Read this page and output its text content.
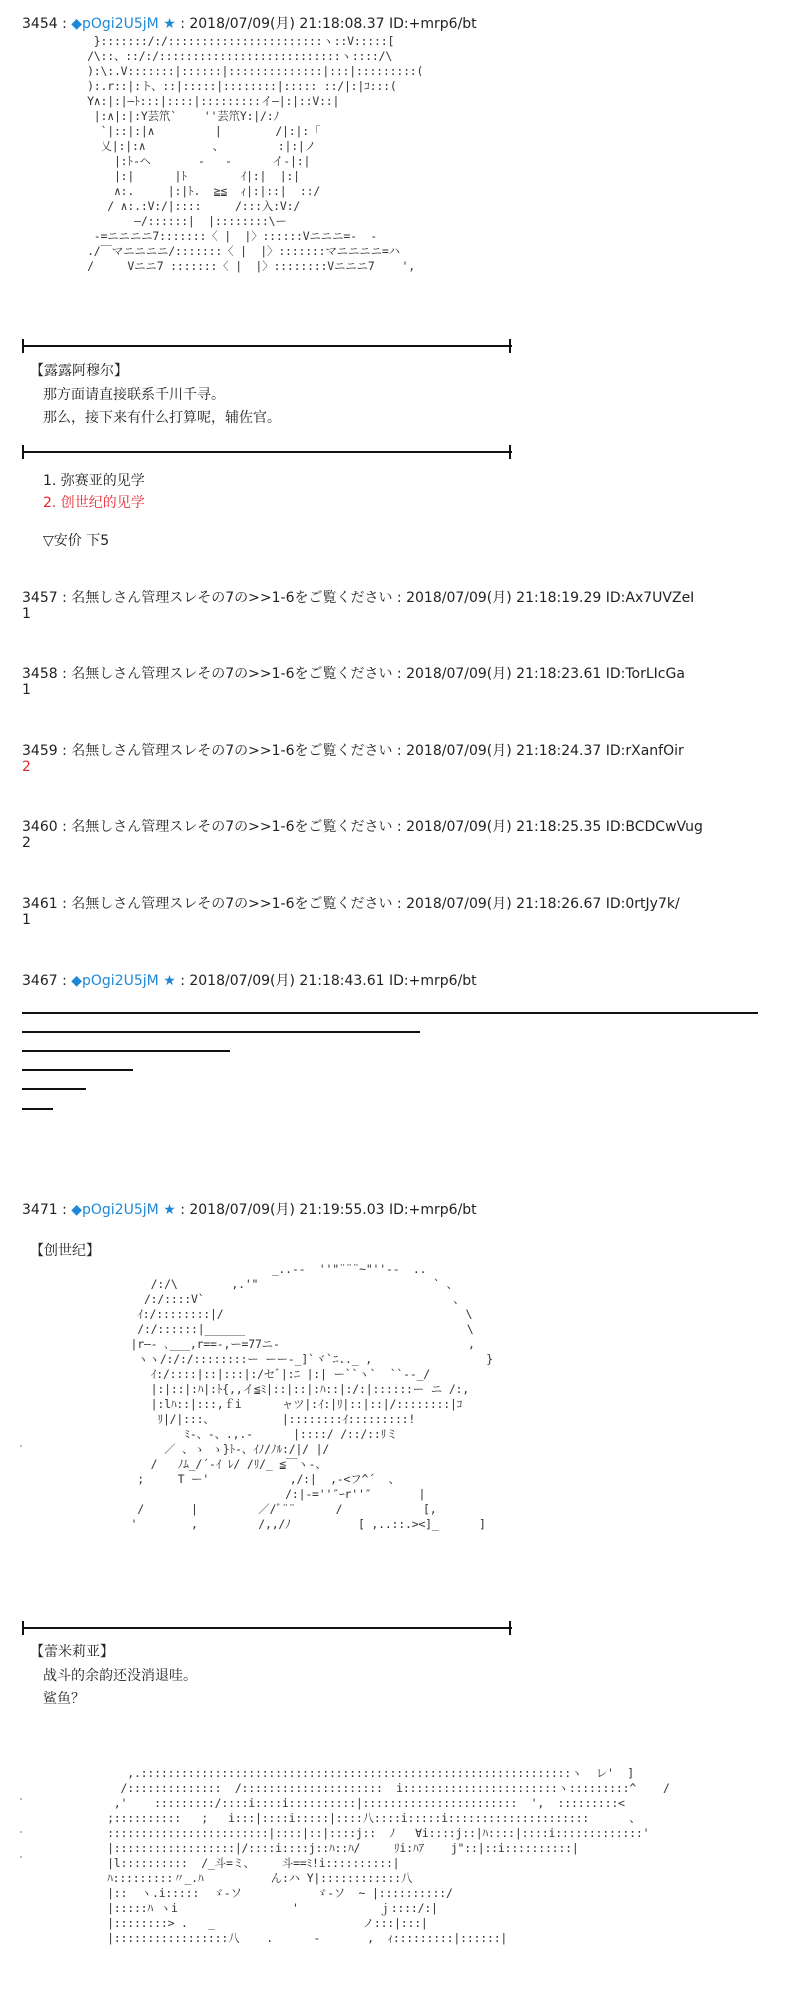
3454 : ◆pOgi2U5jM ★ : 2018/07/09(月) 21:18:08.37 ID:+mrp6/bt
}:::::::/:/:::::::::::::::::::::::ヽ::V:::::[
/\::、::/:/:::::::::::::::::::::::::::ヽ::::/\
):\:.V:::::::|::::::|::::::::::::::|:::|:::::::::(
):.r::|:ト、::|:::::|::::::::|::::: ::/|:|ｺ:::(
Y∧:|:|―ﾄ:::|::::|:::::::::イ―|:|::V::|
|:∧|:|:Y芸笊`    ''芸笊Y:|/:ﾉ
`|::|:|∧         |        /|:|:「
乂|:|:∧          、        :|:|ノ
|:ﾄ-ヘ       -   -      イ-|:|
|:|      |ﾄ        ｲ|:|  |:|
∧:.     |:|ﾄ.  ≧≦  ｨ|:|::|  ::/
/ ∧:.:V:/|::::     /:::入:V:/
―/::::::|  |::::::::\ー
-=ニニニニ7:::::::〈 |  |〉::::::Vニニニ=-  ‐
./￣マニニニニ/:::::::〈 |  |〉:::::::マニニニニ=ハ
/     Vニニ7 :::::::〈 |  |〉::::::::Vニニニ7    ',
【露露阿穆尔】
那方面请直接联系千川千寻。
那么，接下来有什么打算呢，辅佐官。
1. 弥赛亚的见学
2. 创世纪的见学
▽安价 下5
3457 : 名無しさん管理スレその7の>>1-6をご覧ください : 2018/07/09(月) 21:18:19.29 ID:Ax7UVZeI
1
3458 : 名無しさん管理スレその7の>>1-6をご覧ください : 2018/07/09(月) 21:18:23.61 ID:TorLIcGa
1
3459 : 名無しさん管理スレその7の>>1-6をご覧ください : 2018/07/09(月) 21:18:24.37 ID:rXanfOir
2
3460 : 名無しさん管理スレその7の>>1-6をご覧ください : 2018/07/09(月) 21:18:25.35 ID:BCDCwVug
2
3461 : 名無しさん管理スレその7の>>1-6をご覧ください : 2018/07/09(月) 21:18:26.67 ID:0rtJy7k/
1
3467 : ◆pOgi2U5jM ★ : 2018/07/09(月) 21:18:43.61 ID:+mrp6/bt
3471 : ◆pOgi2U5jM ★ : 2018/07/09(月) 21:19:55.03 ID:+mrp6/bt
【创世纪】
_..-‐  ''"¨¨¨~"''‐-  ..
/:/\        ,.'"                          ` 、
/:/::::V`                                     、
ｲ:/::::::::|/                                    \
/:/::::::|______                                 \
|r―- ､___,r==-,ー=77ニ-                            ,
ヽヽ/:/:/::::::::ー ーー-_]`ヾ`ﾆ.._ ,                 }
ｲ:/::::|::|:::|:/セﾞ|:ﾆ |:| ー``ヽ`  ``‐-_/
|:|::|:ﾊ|:ﾄ{,,イ≦ﾐ|::|::|:ﾊ::|:/:|::::::ー ニ /:,
|:lﾊ::|:::,ｆi      ャツ|:ｲ:|ﾘ|::|::|/::::::::|ｺ
ﾘ|/|:::、          |::::::::ｲ:::::::::!
ﾐ-、-、.,.-      |::::/ /::/::ﾘミ
／ 、ゝ ゝ}ﾄ-、ｲﾉ/ﾉﾙ:/|/ |/
/   ﾉﾑ_/´-ｲ ﾚ/ /ﾘ/_ ≦￣ヽ-、
;     T ー'            ,/:|  ,-<フ^´  、
/:|-=''″ｰr''″       |
/       |         ／/ﾞ¨¨      /            [,
'        ,         /,,/ﾉ          [ ,..::.><]_      ]
【蕾米莉亚】
战斗的余韵还没消退哇。
鲨鱼？
,.::::::::::::::::::::::::::::::::::::::::::::::::::::::::::::::::ヽ  レ'  ]
/::::::::::::::  /:::::::::::::::::::::  i:::::::::::::::::::::::ヽ:::::::::^    /
,'    :::::::::/::::i::::i::::::::::|:::::::::::::::::::::::  ',  :::::::::<
;::::::::::   ;   i:::|::::i:::::|::::八::::i:::::i:::::::::::::::::::::      、
::::::::::::::::::::::::|::::|::|::::j::  ﾉ   ∀i::::j::|ﾊ::::|::::i:::::::::::::'
|::::::::::::::::::|/::::i::::j::ﾊ::ﾊ/     ﾘi:ﾊｱ    j"::|::i::::::::::|
|l::::::::::  /_斗=ミ、    斗==ﾐ!i::::::::::|
ﾊ:::::::::〃_.ﾊ          ん:ハ Y|::::::::::::八
|::  ヽ.i:::::  ゞ-ソ           ゞ-ソ  ~ |::::::::::/
|:::::ﾊ ヽi                 '            ｊ::::/:|
|::::::::> .   _                      ノ:::|:::|
|:::::::::::::::::八    .      -       ,  ｨ:::::::::|::::::|
